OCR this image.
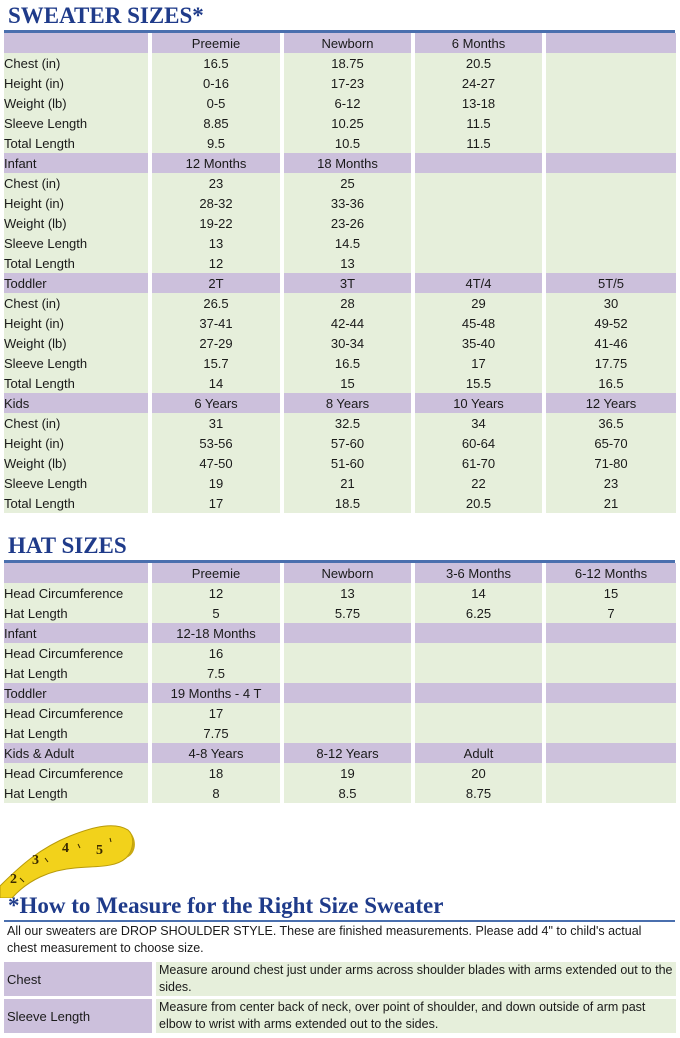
SWEATER SIZES*
	Preemie	Newborn	6 Months	
Chest (in)	16.5	18.75	20.5	
Height (in)	0-16	17-23	24-27	
Weight (lb)	0-5	6-12	13-18	
Sleeve Length	8.85	10.25	11.5	
Total Length	9.5	10.5	11.5	
Infant	12 Months	18 Months		
Chest (in)	23	25		
Height (in)	28-32	33-36		
Weight (lb)	19-22	23-26		
Sleeve Length	13	14.5		
Total Length	12	13		
Toddler	2T	3T	4T/4	5T/5
Chest (in)	26.5	28	29	30
Height (in)	37-41	42-44	45-48	49-52
Weight (lb)	27-29	30-34	35-40	41-46
Sleeve Length	15.7	16.5	17	17.75
Total Length	14	15	15.5	16.5
Kids	6 Years	8 Years	10 Years	12 Years
Chest (in)	31	32.5	34	36.5
Height (in)	53-56	57-60	60-64	65-70
Weight (lb)	47-50	51-60	61-70	71-80
Sleeve Length	19	21	22	23
Total Length	17	18.5	20.5	21
HAT SIZES
	Preemie	Newborn	3-6 Months	6-12 Months
Head Circumference	12	13	14	15
Hat Length	5	5.75	6.25	7
Infant	12-18 Months			
Head Circumference	16			
Hat Length	7.5			
Toddler	19 Months - 4 T			
Head Circumference	17			
Hat Length	7.75			
Kids & Adult	4-8 Years	8-12 Years	Adult	
Head Circumference	18	19	20	
Hat Length	8	8.5	8.75	
2
3
4 5
*How to Measure for the Right Size Sweater
All our sweaters are DROP SHOULDER STYLE. These are finished measurements. Please add 4" to child's actual chest measurement to choose size.
Chest
Measure around chest just under arms across shoulder blades with arms extended out to the sides.
Sleeve Length
Measure from center back of neck, over point of shoulder, and down outside of arm past elbow to wrist with arms extended out to the sides.
